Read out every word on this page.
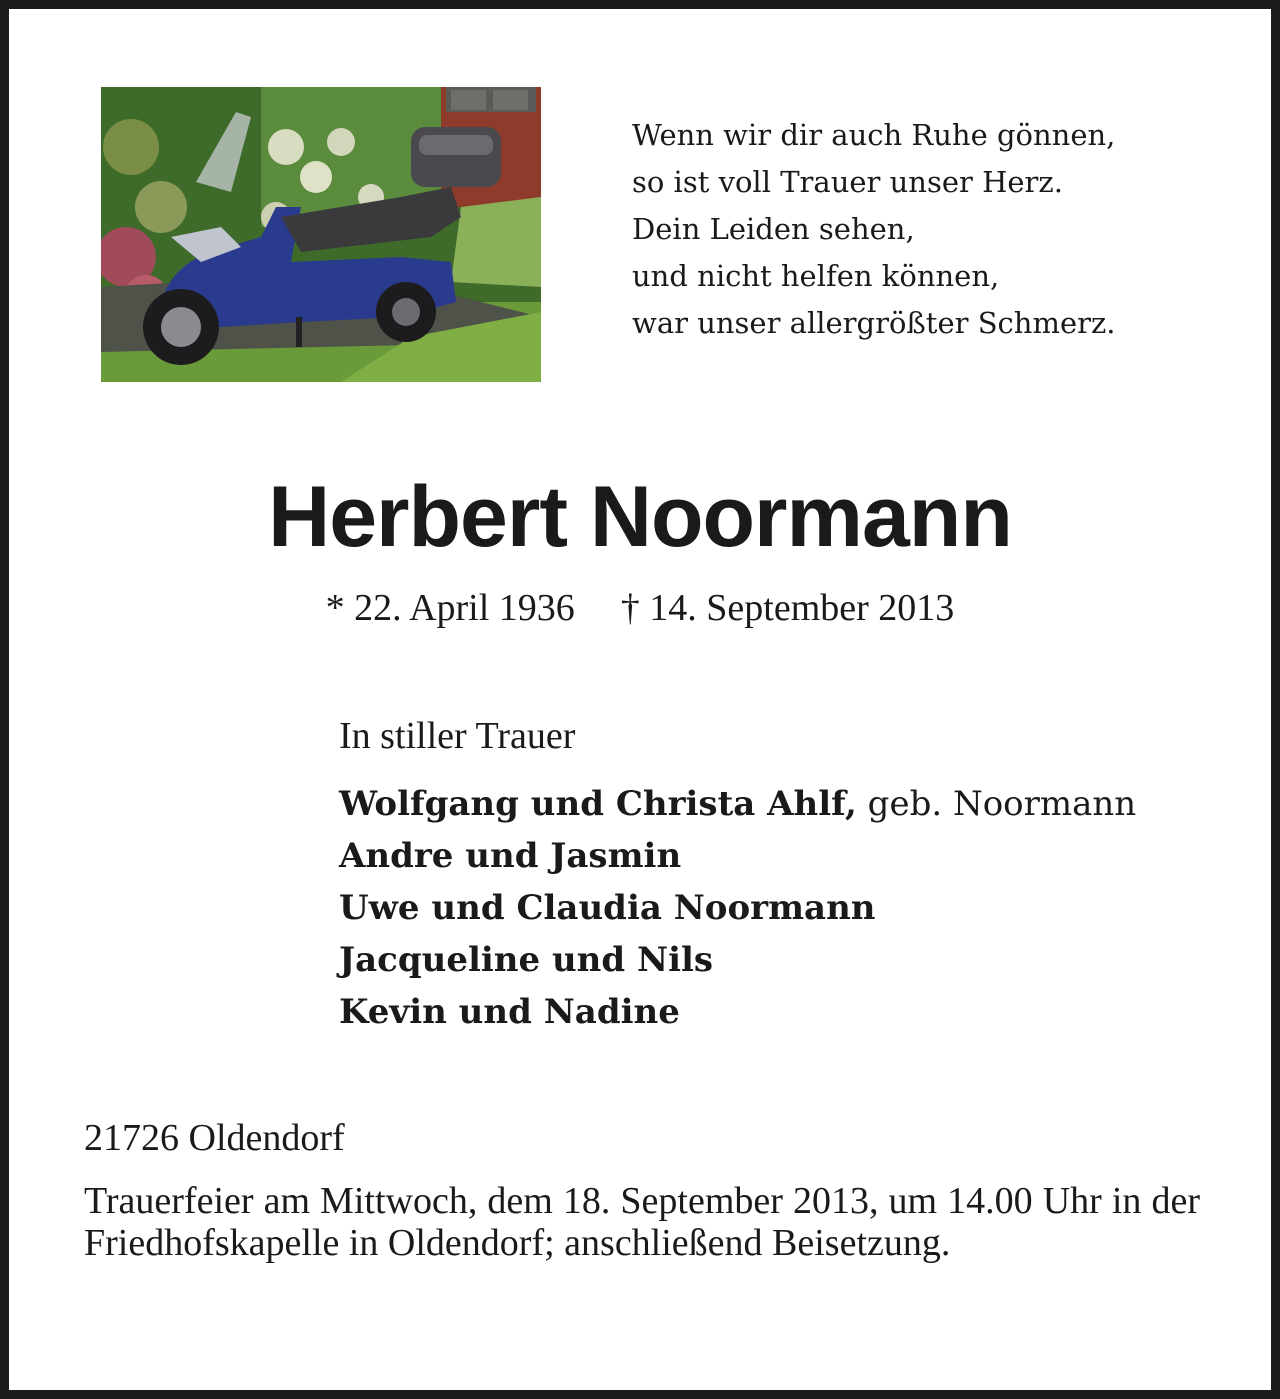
Wenn wir dir auch Ruhe gönnen,
so ist voll Trauer unser Herz.
Dein Leiden sehen,
und nicht helfen können,
war unser allergrößter Schmerz.
Herbert Noormann
* 22. April 1936 † 14. September 2013
In stiller Trauer
Wolfgang und Christa Ahlf, geb. Noormann
Andre und Jasmin
Uwe und Claudia Noormann
Jacqueline und Nils
Kevin und Nadine
21726 Oldendorf
Trauerfeier am Mittwoch, dem 18. September 2013, um 14.00 Uhr in der Friedhofskapelle in Oldendorf; anschließend Beisetzung.
